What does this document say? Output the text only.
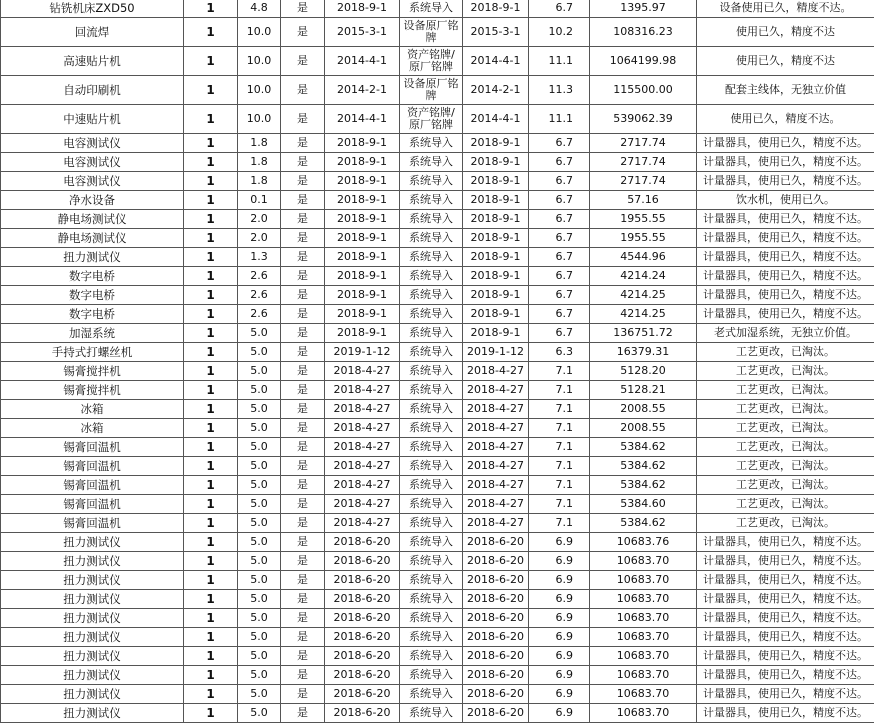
钻铣机床ZXD50	1	4.8	是	2018-9-1	系统导入	2018-9-1	6.7	1395.97	设备使用已久，精度不达。
回流焊	1	10.0	是	2015-3-1	设备原厂铭牌	2015-3-1	10.2	108316.23	使用已久，精度不达
高速贴片机	1	10.0	是	2014-4-1	资产铭牌/原厂铭牌	2014-4-1	11.1	1064199.98	使用已久，精度不达
自动印刷机	1	10.0	是	2014-2-1	设备原厂铭牌	2014-2-1	11.3	115500.00	配套主线体，无独立价值
中速贴片机	1	10.0	是	2014-4-1	资产铭牌/原厂铭牌	2014-4-1	11.1	539062.39	使用已久，精度不达。
电容测试仪	1	1.8	是	2018-9-1	系统导入	2018-9-1	6.7	2717.74	计量器具，使用已久，精度不达。
电容测试仪	1	1.8	是	2018-9-1	系统导入	2018-9-1	6.7	2717.74	计量器具，使用已久，精度不达。
电容测试仪	1	1.8	是	2018-9-1	系统导入	2018-9-1	6.7	2717.74	计量器具，使用已久，精度不达。
净水设备	1	0.1	是	2018-9-1	系统导入	2018-9-1	6.7	57.16	饮水机，使用已久。
静电场测试仪	1	2.0	是	2018-9-1	系统导入	2018-9-1	6.7	1955.55	计量器具，使用已久，精度不达。
静电场测试仪	1	2.0	是	2018-9-1	系统导入	2018-9-1	6.7	1955.55	计量器具，使用已久，精度不达。
扭力测试仪	1	1.3	是	2018-9-1	系统导入	2018-9-1	6.7	4544.96	计量器具，使用已久，精度不达。
数字电桥	1	2.6	是	2018-9-1	系统导入	2018-9-1	6.7	4214.24	计量器具，使用已久，精度不达。
数字电桥	1	2.6	是	2018-9-1	系统导入	2018-9-1	6.7	4214.25	计量器具，使用已久，精度不达。
数字电桥	1	2.6	是	2018-9-1	系统导入	2018-9-1	6.7	4214.25	计量器具，使用已久，精度不达。
加湿系统	1	5.0	是	2018-9-1	系统导入	2018-9-1	6.7	136751.72	老式加湿系统，无独立价值。
手持式打螺丝机	1	5.0	是	2019-1-12	系统导入	2019-1-12	6.3	16379.31	工艺更改，已淘汰。
锡膏搅拌机	1	5.0	是	2018-4-27	系统导入	2018-4-27	7.1	5128.20	工艺更改，已淘汰。
锡膏搅拌机	1	5.0	是	2018-4-27	系统导入	2018-4-27	7.1	5128.21	工艺更改，已淘汰。
冰箱	1	5.0	是	2018-4-27	系统导入	2018-4-27	7.1	2008.55	工艺更改，已淘汰。
冰箱	1	5.0	是	2018-4-27	系统导入	2018-4-27	7.1	2008.55	工艺更改，已淘汰。
锡膏回温机	1	5.0	是	2018-4-27	系统导入	2018-4-27	7.1	5384.62	工艺更改，已淘汰。
锡膏回温机	1	5.0	是	2018-4-27	系统导入	2018-4-27	7.1	5384.62	工艺更改，已淘汰。
锡膏回温机	1	5.0	是	2018-4-27	系统导入	2018-4-27	7.1	5384.62	工艺更改，已淘汰。
锡膏回温机	1	5.0	是	2018-4-27	系统导入	2018-4-27	7.1	5384.60	工艺更改，已淘汰。
锡膏回温机	1	5.0	是	2018-4-27	系统导入	2018-4-27	7.1	5384.62	工艺更改，已淘汰。
扭力测试仪	1	5.0	是	2018-6-20	系统导入	2018-6-20	6.9	10683.76	计量器具，使用已久，精度不达。
扭力测试仪	1	5.0	是	2018-6-20	系统导入	2018-6-20	6.9	10683.70	计量器具，使用已久，精度不达。
扭力测试仪	1	5.0	是	2018-6-20	系统导入	2018-6-20	6.9	10683.70	计量器具，使用已久，精度不达。
扭力测试仪	1	5.0	是	2018-6-20	系统导入	2018-6-20	6.9	10683.70	计量器具，使用已久，精度不达。
扭力测试仪	1	5.0	是	2018-6-20	系统导入	2018-6-20	6.9	10683.70	计量器具，使用已久，精度不达。
扭力测试仪	1	5.0	是	2018-6-20	系统导入	2018-6-20	6.9	10683.70	计量器具，使用已久，精度不达。
扭力测试仪	1	5.0	是	2018-6-20	系统导入	2018-6-20	6.9	10683.70	计量器具，使用已久，精度不达。
扭力测试仪	1	5.0	是	2018-6-20	系统导入	2018-6-20	6.9	10683.70	计量器具，使用已久，精度不达。
扭力测试仪	1	5.0	是	2018-6-20	系统导入	2018-6-20	6.9	10683.70	计量器具，使用已久，精度不达。
扭力测试仪	1	5.0	是	2018-6-20	系统导入	2018-6-20	6.9	10683.70	计量器具，使用已久，精度不达。
